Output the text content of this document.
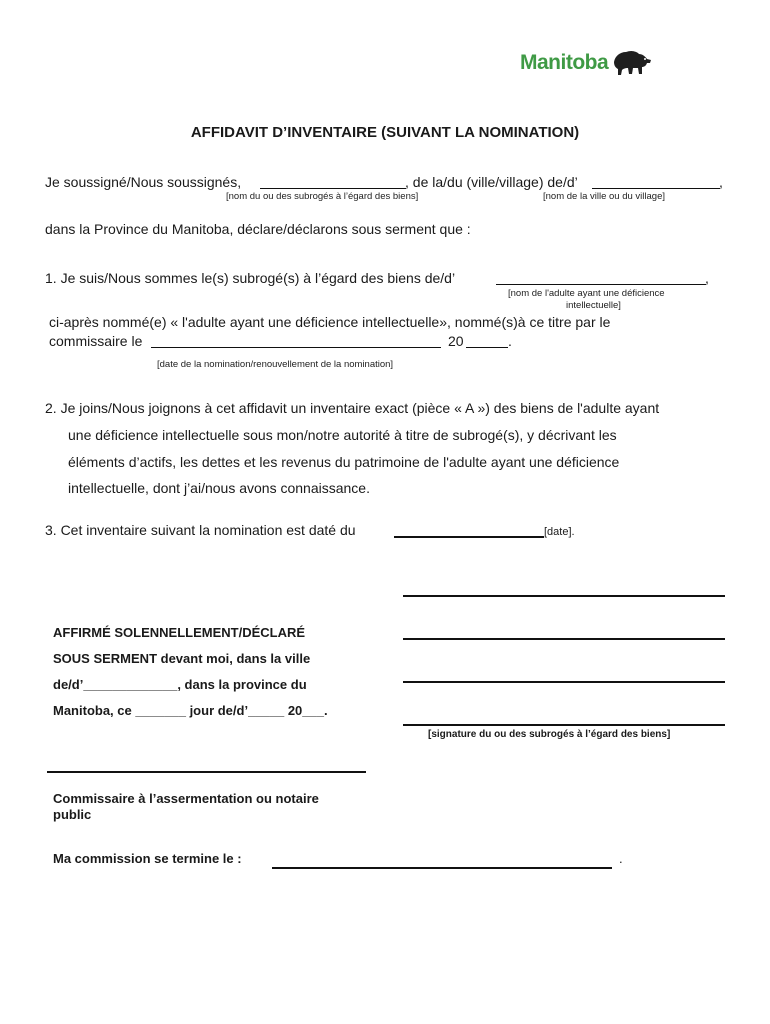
Manitoba
AFFIDAVIT D’INVENTAIRE (SUIVANT LA NOMINATION)
Je soussigné/Nous soussignés,	, de la/du (ville/village) de/d’	,
[nom du ou des subrogés à l’égard des biens]	[nom de la ville ou du village]
dans la Province du Manitoba, déclare/déclarons sous serment que :
1. Je suis/Nous sommes le(s) subrogé(s) à l’égard des biens de/d’	,
[nom de l'adulte ayant une déficience
intellectuelle]
ci-après nommé(e) « l'adulte ayant une déficience intellectuelle», nommé(s)à ce titre par le
commissaire le	20	.
[date de la nomination/renouvellement de la nomination]
2. Je joins/Nous joignons à cet affidavit un inventaire exact (pièce « A ») des biens de l'adulte ayant
une déficience intellectuelle sous mon/notre autorité à titre de subrogé(s), y décrivant les
éléments d’actifs, les dettes et les revenus du patrimoine de l'adulte ayant une déficience
intellectuelle, dont j’ai/nous avons connaissance.
3. Cet inventaire suivant la nomination est daté du	[date].
[signature du ou des subrogés à l’égard des biens]
AFFIRMÉ SOLENNELLEMENT/DÉCLARÉ
SOUS SERMENT devant moi, dans la ville
de/d’_____________, dans la province du
Manitoba, ce _______ jour de/d’_____ 20___.
Commissaire à l’assermentation ou notaire
public
Ma commission se termine le :	.
